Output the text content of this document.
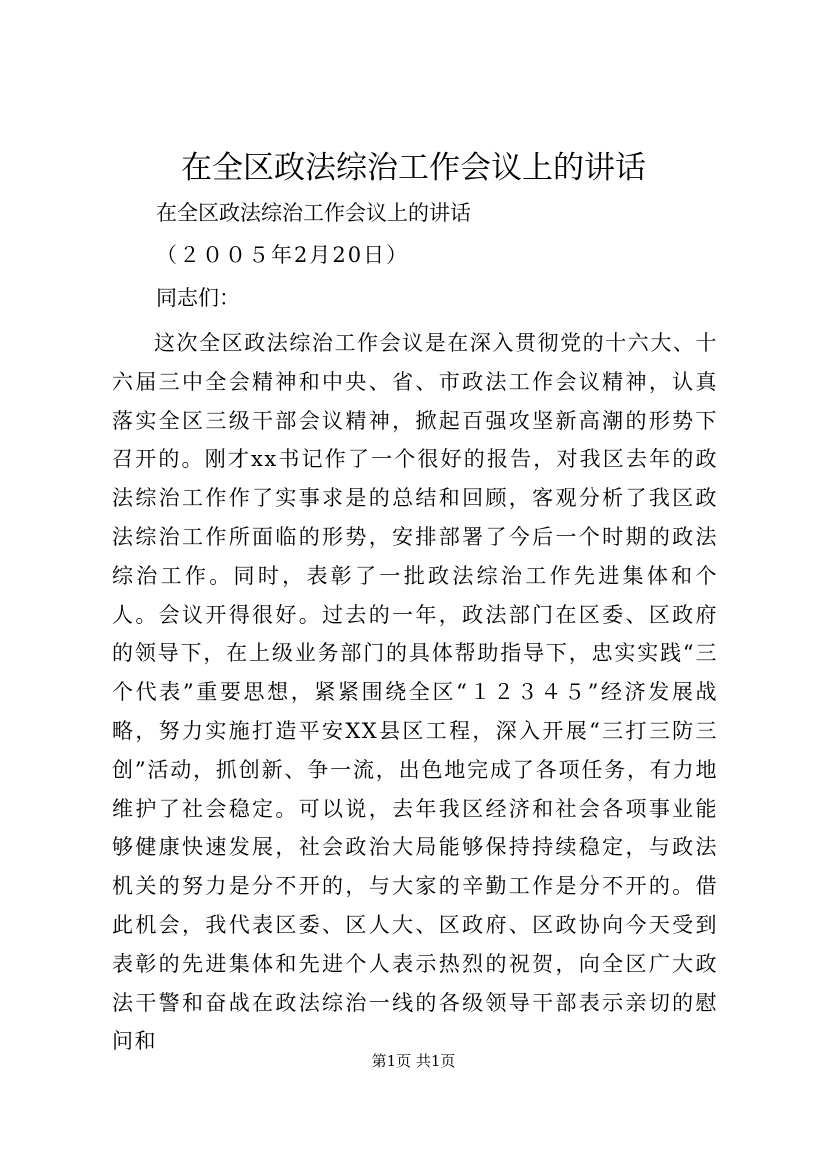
在全区政法综治工作会议上的讲话

在全区政法综治工作会议上的讲话

（２００５年2月20日）

同志们：

这次全区政法综治工作会议是在深入贯彻党的十六大、十六届三中全会精神和中央、省、市政法工作会议精神，认真落实全区三级干部会议精神，掀起百强攻坚新高潮的形势下召开的。刚才xx书记作了一个很好的报告，对我区去年的政法综治工作作了实事求是的总结和回顾，客观分析了我区政法综治工作所面临的形势，安排部署了今后一个时期的政法综治工作。同时，表彰了一批政法综治工作先进集体和个人。会议开得很好。过去的一年，政法部门在区委、区政府的领导下，在上级业务部门的具体帮助指导下，忠实实践“三个代表”重要思想，紧紧围绕全区“１２３４５”经济发展战略，努力实施打造平安XX县区工程，深入开展“三打三防三创”活动，抓创新、争一流，出色地完成了各项任务，有力地维护了社会稳定。可以说，去年我区经济和社会各项事业能够健康快速发展，社会政治大局能够保持持续稳定，与政法机关的努力是分不开的，与大家的辛勤工作是分不开的。借此机会，我代表区委、区人大、区政府、区政协向今天受到表彰的先进集体和先进个人表示热烈的祝贺，向全区广大政法干警和奋战在政法综治一线的各级领导干部表示亲切的慰问和

第1页 共1页
